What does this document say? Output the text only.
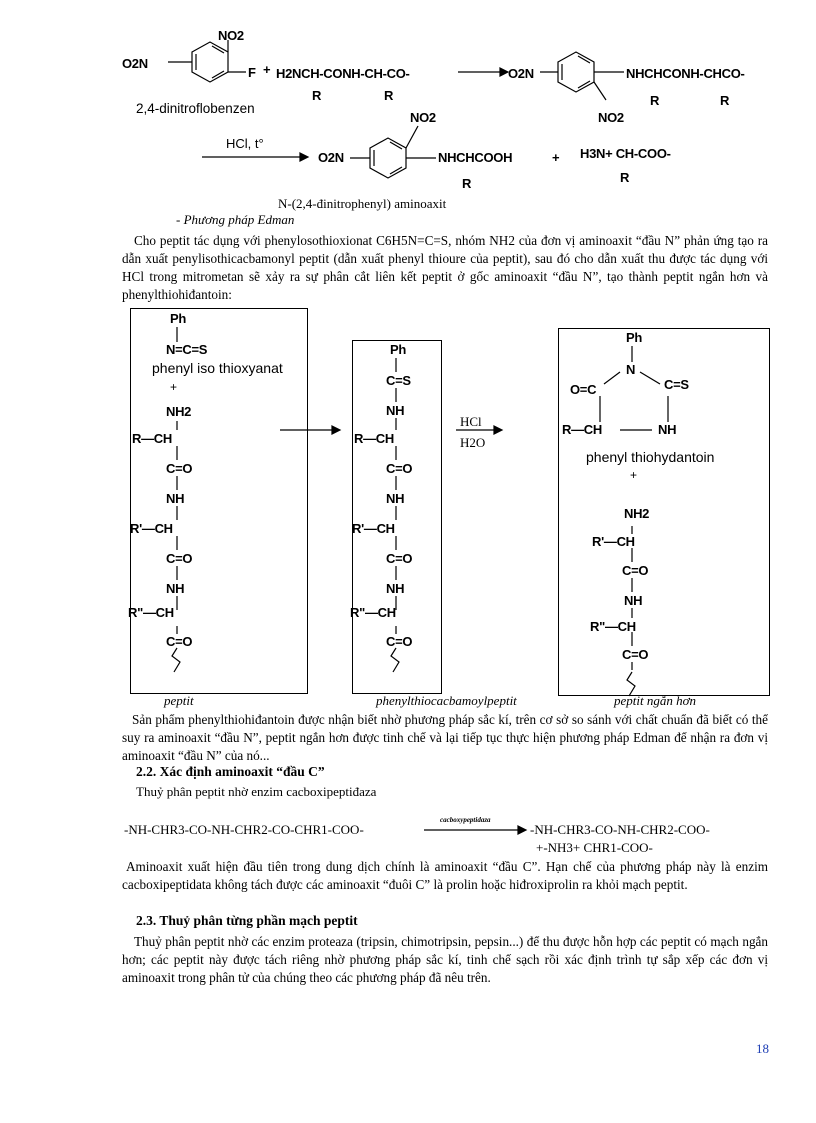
NO2
O2N
F + H2NCH-CONH-CH-CO-
R	R
2,4-dinitroflobenzen
O2N	NHCHCONH-CHCO-
R	R
NO2
HCl, t°
NO2
O2N	NHCHCOOH
R
+ H3N+ CH-COO-
R
N-(2,4-đinitrophenyl) aminoaxit
- Phương pháp Edman
Cho peptit tác dụng với phenylosothioxionat C6H5N=C=S, nhóm NH2 của đơn vị aminoaxit “đầu N” phản ứng tạo ra dẫn xuất penylisothicacbamonyl peptit (dẫn xuất phenyl thioure của peptit), sau đó cho dẫn xuất thu được tác dụng với HCl trong mitrometan sẽ xảy ra sự phân cắt liên kết peptit ở gốc aminoaxit “đầu N”, tạo thành peptit ngắn hơn và phenylthiohiđantoin:
Ph
N=C=S
phenyl iso thioxyanat
+
NH2
R—CH
C=O
NH
R'—CH
C=O
NH
R"—CH
C=O
Ph
C=S
NH
R—CH
C=O
NH
R'—CH
C=O
NH
R"—CH
C=O
HCl
H2O
Ph
N
O=C	C=S
R—CH	NH
phenyl thiohydantoin
+
NH2
R'—CH
C=O
NH
R"—CH
C=O
peptit	phenylthiocacbamoylpeptit	peptit ngắn hơn
Sản phẩm phenylthiohiđantoin được nhận biết nhờ phương pháp sắc kí, trên cơ sở so sánh với chất chuẩn đã biết có thể suy ra aminoaxit “đầu N”, peptit ngắn hơn được tinh chế và lại tiếp tục thực hiện phương pháp Edman để nhận ra đơn vị aminoaxit “đầu N” của nó...
2.2. Xác định aminoaxit “đầu C”
Thuỷ phân peptit nhờ enzim cacboxipeptiđaza
-NH-CHR3-CO-NH-CHR2-CO-CHR1-COO-
cacboxypeptidaza
-NH-CHR3-CO-NH-CHR2-COO-
+-NH3+ CHR1-COO-
Aminoaxit xuất hiện đầu tiên trong dung dịch chính là aminoaxit “đầu C”. Hạn chế của phương pháp này là enzim cacboxipeptidata không tách được các aminoaxit “đuôi C” là prolin hoặc hiđroxiprolin ra khỏi mạch peptit.
2.3. Thuỷ phân từng phần mạch peptit
Thuỷ phân peptit nhờ các enzim proteaza (tripsin, chimotripsin, pepsin...) để thu được hỗn hợp các peptit có mạch ngắn hơn; các peptit này được tách riêng nhờ phương pháp sắc kí, tinh chế sạch rồi xác định trình tự sắp xếp các đơn vị aminoaxit trong phân tử của chúng theo các phương pháp đã nêu trên.
18
